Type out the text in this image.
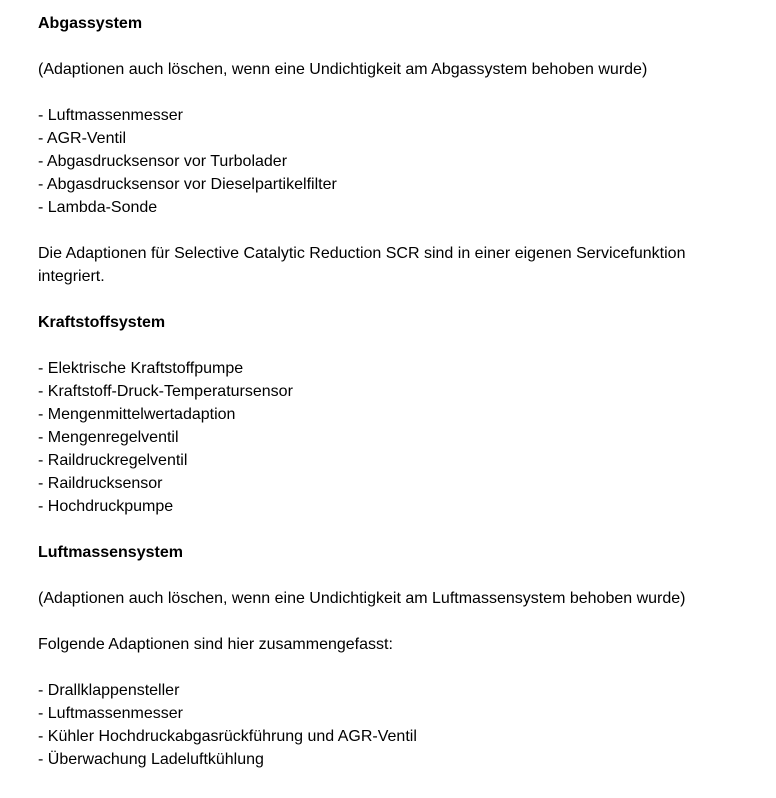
Abgassystem
(Adaptionen auch löschen, wenn eine Undichtigkeit am Abgassystem behoben wurde)
- Luftmassenmesser
- AGR-Ventil
- Abgasdrucksensor vor Turbolader
- Abgasdrucksensor vor Dieselpartikelfilter
- Lambda-Sonde
Die Adaptionen für Selective Catalytic Reduction SCR sind in einer eigenen Servicefunktion integriert.
Kraftstoffsystem
- Elektrische Kraftstoffpumpe
- Kraftstoff-Druck-Temperatursensor
- Mengenmittelwertadaption
- Mengenregelventil
- Raildruckregelventil
- Raildrucksensor
- Hochdruckpumpe
Luftmassensystem
(Adaptionen auch löschen, wenn eine Undichtigkeit am Luftmassensystem behoben wurde)
Folgende Adaptionen sind hier zusammengefasst:
- Drallklappensteller
- Luftmassenmesser
- Kühler Hochdruckabgasrückführung und AGR-Ventil
- Überwachung Ladeluftkühlung
